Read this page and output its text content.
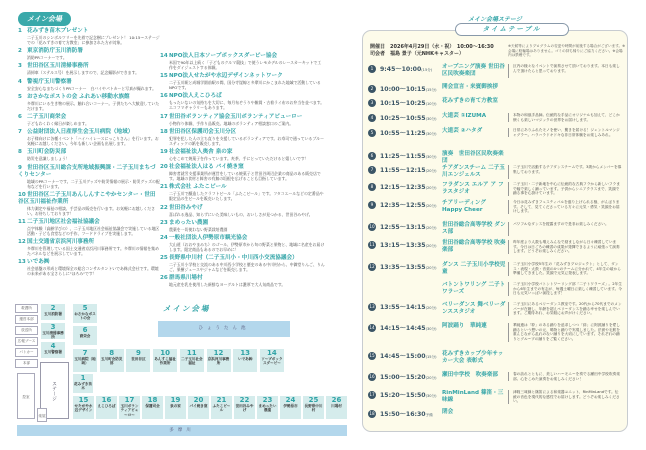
メイン会場
1 花みずき苗木プレゼント
二子玉川のシンボルツリーを先着で記念樹にプレゼント！ 10:15〜ステージでの「花みずきの育て方教室」に参加された方が対象。
2 東京消防庁玉川消防署
消防PRコーナーです。
3 世田谷区玉川清掃事務所
清掃車（ステルス号）を展示しますので、記念撮影ができます。
4 警視庁玉川警察署
安全安心なまちづくりPRコーナー　白バイやパトカーと写真が撮れます。
5 おさかなポストの会 ふれあい移動水族館
多摩川にいる生き物の展示。触れ合いコーナー。子供たちへ大歓迎していただけます。
6 二子玉川商栄会
子どもわくわく縁日が楽しめます。
7 公益財団法人日産厚生会玉川病院（地域）
お子様向けに各種イベント「ハイハイレースにっこりさん」を行います。お気軽にお越しください。今年も新しい企画も出展します。
8 玉川町会防災部
防災を意識しましょう！
9 世田谷区玉川総合支所地域振興課・二子玉川まちづくりセンター
地域のPRコーナーです。二子玉川グッズや防災情報の展示・防災グッズの配布などを行います。
10世田谷区二子玉川あんしんすこやかセンター・世田谷区玉川福祉作業所
体力測定や福祉の相談、手芸品の販売を行います。お気軽にお越しください。お待ちしております！
11二子玉川地区社会福祉協議会
点字体験（高齢学びの）、二子玉川地区社会福祉協議会で実施している地区活動・子ども食堂などの手作、フードドライブを実施します。
12国土交通省京浜河川事務所
多摩川を管理している国土交通省京浜河川事務所です。多摩川の情報を集めたパネルなどを展示しています。
13いであ㈱
社会基盤の形成と環境保全の総合コンサルタントいであ株式会社です。環境の未来がある宝さらしに"ほろみ"です！
14NPO法人日本ソープボックスダービー協会
米国で90年以上続く「子どものクルマ競技」で使うレモカデルのレースカーキットで工作をダイジェストする体験。
15NPO法人せたがや水辺デザインネットワーク
二子玉川駅と成城学園前駅の間、国分寺崖線と多摩川にかこまれた地域で活動しているNPOです。
16NPO法人えこひろば
もったいないの気持ちを大切に、毎月布ぞうりや雑貨・古着ライ布のお弁当を並べます。エコフマギャラリーもあります。
17世田谷ボランティア協会玉川ボランティアビューロー
小物作り体験、手作り品販売。地域のボランティア相談窓口のご案内。
18世田谷区保護司会玉川分区
犯罪を犯した人の立ち直りを支援しているボランティアです。お寿司で通っているブルースティックの紙を販売します。
19社会福祉法人奥舎 泉の家
心をこめて焼菓子を作っています。麦茶、手にとっていただけると嬉しいです！
20社会福祉法人はる パイ焼き窯
障害者就労支援事業所が運営をしている焼菓子と世田谷周辺企業の商品のある販売店です。地域の食材と障害の有無の垣根を広げることも目指しています。
21株式会社 ふたこビール
二子玉川で醸造したクラフトビール「ふたこビール」です。フタコエールなどの定番品や限定品の生ビールを販売いたします。
22世田谷みやげ
喜ばれる逸品、知らずにいた美味しいもの、おいしさが見つかる、世田谷みやげ。
23まめったい農園
農薬を一切使わない野菜栽培農園
24一般社団法人伊勢原市観光協会
大山道（おおやまみち）のゴール、伊勢原市から旬の野菜と果物と、地域に名産をお届けします。限定商品もあるのでお早めに！
25長野県中川村（二子玉川小・中川西小交流協議会）
二子玉川小学校と交流のある中川西小学校と歴史のある中川村から、中御堂りんご、りんご、果樹ジュースやジャムなどを販売します。
26群馬県川場村
地元産を乳を使用した新鮮なヨーグルトは濃厚で大人気商品です。
メイン会場
ひょうたん池
多摩川
ステージ
控室
楽屋
救護所
運営本部
放送所
広報ブース
パトカー
本部
2
玉川消防署
3
玉川清掃事務所
4
玉川警察署
5
おさかなポストの会
6
商栄会
7
玉川病院（地域）
8
玉川町会防災部
9
世田谷区
10
あんすこ福祉作業所
11
二子玉川社会福祉
12
京浜河川事務所
13
いであ㈱
14
ソープボックスダービー
1
花みずき苗木
15
せたがや水辺デザイン
16
えこひろば
17
玉川ボランティアビューロー
18
保護司会
19
泉の家
20
パイ焼き窯
21
ふたこビール
22
世田谷みやげ
23
まめったい農園
24
伊勢原市
25
長野県中川村
26
川場村
メイン会場ステージ
タイムテーブル
開催日　2026年4月29日（水・祝）　10:00〜16:30
司会者　福島 景子（元NHKキャスター）
※天候等によりプログラムの変更や時間が前後する場合がございます。※会場に駐輪場はありません。ゴミの持ち帰りにご協力ください。※会場内は禁煙です。
1	9:45〜10:00(15分)	オープニング演奏 世田谷区民吹奏楽団
区内の様々なイベントで演奏させて頂いております。本日も楽しんで頂けたらと思っております。
2	10:00〜10:15(15分) 開会宣言・来賓御挨拶
3	10:15〜10:25(10分) 花みずきの育て方教室
4	10:25〜10:55(30分) 大道芸 ①IZUMA	本物の和風手品師。伝統的な手品にオリジナルも加えて、どこか懐くも楽しいマジックの世界をお届けします。
5	10:55〜11:25(30分) 大道芸 ②ハタダ	日常にありふれたモノを使い、驚きを届ける！ジェントルマンジャグラー。ハラハラドキドキな非日常体験をお楽しみあれ。
6	11:25〜11:55(30分) 演奏　世田谷区民吹奏楽団
7	11:55〜12:15(20分) チアダンスチーム 二子玉川エンジェルス
二子玉川で活動するチアダンスチームです。3歳からメンバーを募集しております。
8	12:15〜12:35(20分) フラダンス エルア ア フラスタジオ
二子玉川・二子新地を中心に伝統的な古典フラから新しいフラまで幅で楽しく踊っています。子供からシニアクラスまで、笑顔で踊る事を心掛けています。
9	12:35〜12:55(20分) チアリーディング Happy Cheer
今日は花みずきフェスティバルを盛り上げられる様、がんばります。そして、見てくださっている方々に元気・勇気・笑顔をお届けします。
10 12:55〜13:15(20分) 世田谷総合高等学校 ダンス部
パワフルなダンスを披露ますので是非お楽しみください。
11 13:15〜13:35(20分) 世田谷総合高等学校 吹奏楽部
昨年度より人数も増えみんなで励ましながら日々練習しています。今日は日ごろの練習の成果が発揮できるように頑張って演奏します。どうぞお楽しみください。
12 13:35〜13:55(20分) ダンス 二子玉川小学校児童
二子玉川小学校5年生の「花みずきプロジェクト」として、ダンス・表現・太鼓・音楽の4つのチームに分かれて、4年生の頃から準備してきました。笑顔で元気に発表します。
バトントワリング 二子トワラーズ
二子玉川小学校バトントワーリング部「二子トワラーズ」。2年生から6年生までの有志が、毎週土曜日に楽しく練習しています。今日も元気いっぱい演技します！
13 13:55〜14:15(20分) ベリーダンス 舞ベリーダンススタジオ
二子玉川にあるベリーダンス教室です。20代から70代までのメンバーが在籍し、年齢を超えベリーダンスを踊る幸せを楽しんでいます。ご期待あれ、お気軽にお声がけください。
14 14:15〜14:45(30分) 阿波踊り　華純連	華純連は「粋」のある踊りを追求しつつ「絆」に阿波踊りを愛し踊るという想いの元、鳴物と踊りで実現しました。法被や毛筋を重んじながら乱れのない踊りを大切にしています。それぞれの踊りとグループの踊りをご覧ください。
15 14:45〜15:00(15分) 花みずきカップ少年サッカー大会 表彰式
16 15:00〜15:20(20分) 瀬田中学校　吹奏楽部	春の訪れとともに、美しいハーモニーを奏でる瀬田中学校吹奏楽部。心をこめた演奏をお楽しみください！
17 15:20〜15:50(30分) RinMinLand 篠笛・三味線
津軽三味線と篠笛による和楽器ユニット、RinMinLandです。伝統の音色を現代的な感性でお届けします。どうぞお楽しみください。
18 15:50〜16:30予備	閉会
